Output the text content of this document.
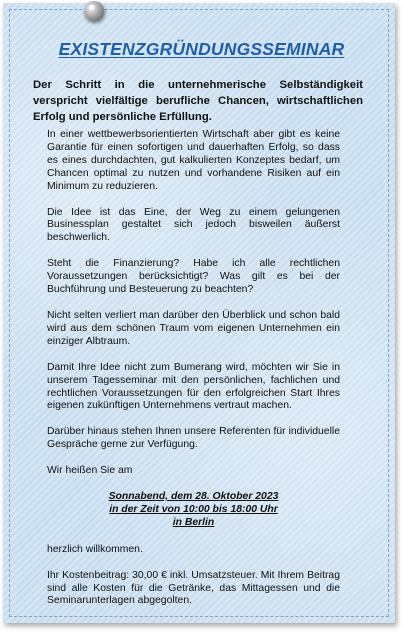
EXISTENZGRÜNDUNGSSEMINAR

Der Schritt in die unternehmerische Selbständigkeit verspricht vielfältige berufliche Chancen, wirtschaftlichen Erfolg und persönliche Erfüllung.

In einer wettbewerbsorientierten Wirtschaft aber gibt es keine Garantie für einen sofortigen und dauerhaften Erfolg, so dass es eines durchdachten, gut kalkulierten Konzeptes bedarf, um Chancen optimal zu nutzen und vorhandene Risiken auf ein Minimum zu reduzieren.

Die Idee ist das Eine, der Weg zu einem gelungenen Businessplan gestaltet sich jedoch bisweilen äußerst beschwerlich.

Steht die Finanzierung? Habe ich alle rechtlichen Voraussetzungen berücksichtigt? Was gilt es bei der Buchführung und Besteuerung zu beachten?

Nicht selten verliert man darüber den Überblick und schon bald wird aus dem schönen Traum vom eigenen Unternehmen ein einziger Albtraum.

Damit Ihre Idee nicht zum Bumerang wird, möchten wir Sie in unserem Tagesseminar mit den persönlichen, fachlichen und rechtlichen Voraussetzungen für den erfolgreichen Start Ihres eigenen zukünftigen Unternehmens vertraut machen.

Darüber hinaus stehen Ihnen unsere Referenten für individuelle Gespräche gerne zur Verfügung.

Wir heißen Sie am

Sonnabend, dem 28. Oktober 2023
in der Zeit von 10:00 bis 18:00 Uhr
in Berlin

herzlich willkommen.

Ihr Kostenbeitrag: 30,00 € inkl. Umsatzsteuer. Mit Ihrem Beitrag sind alle Kosten für die Getränke, das Mittagessen und die Seminarunterlagen abgegolten.
